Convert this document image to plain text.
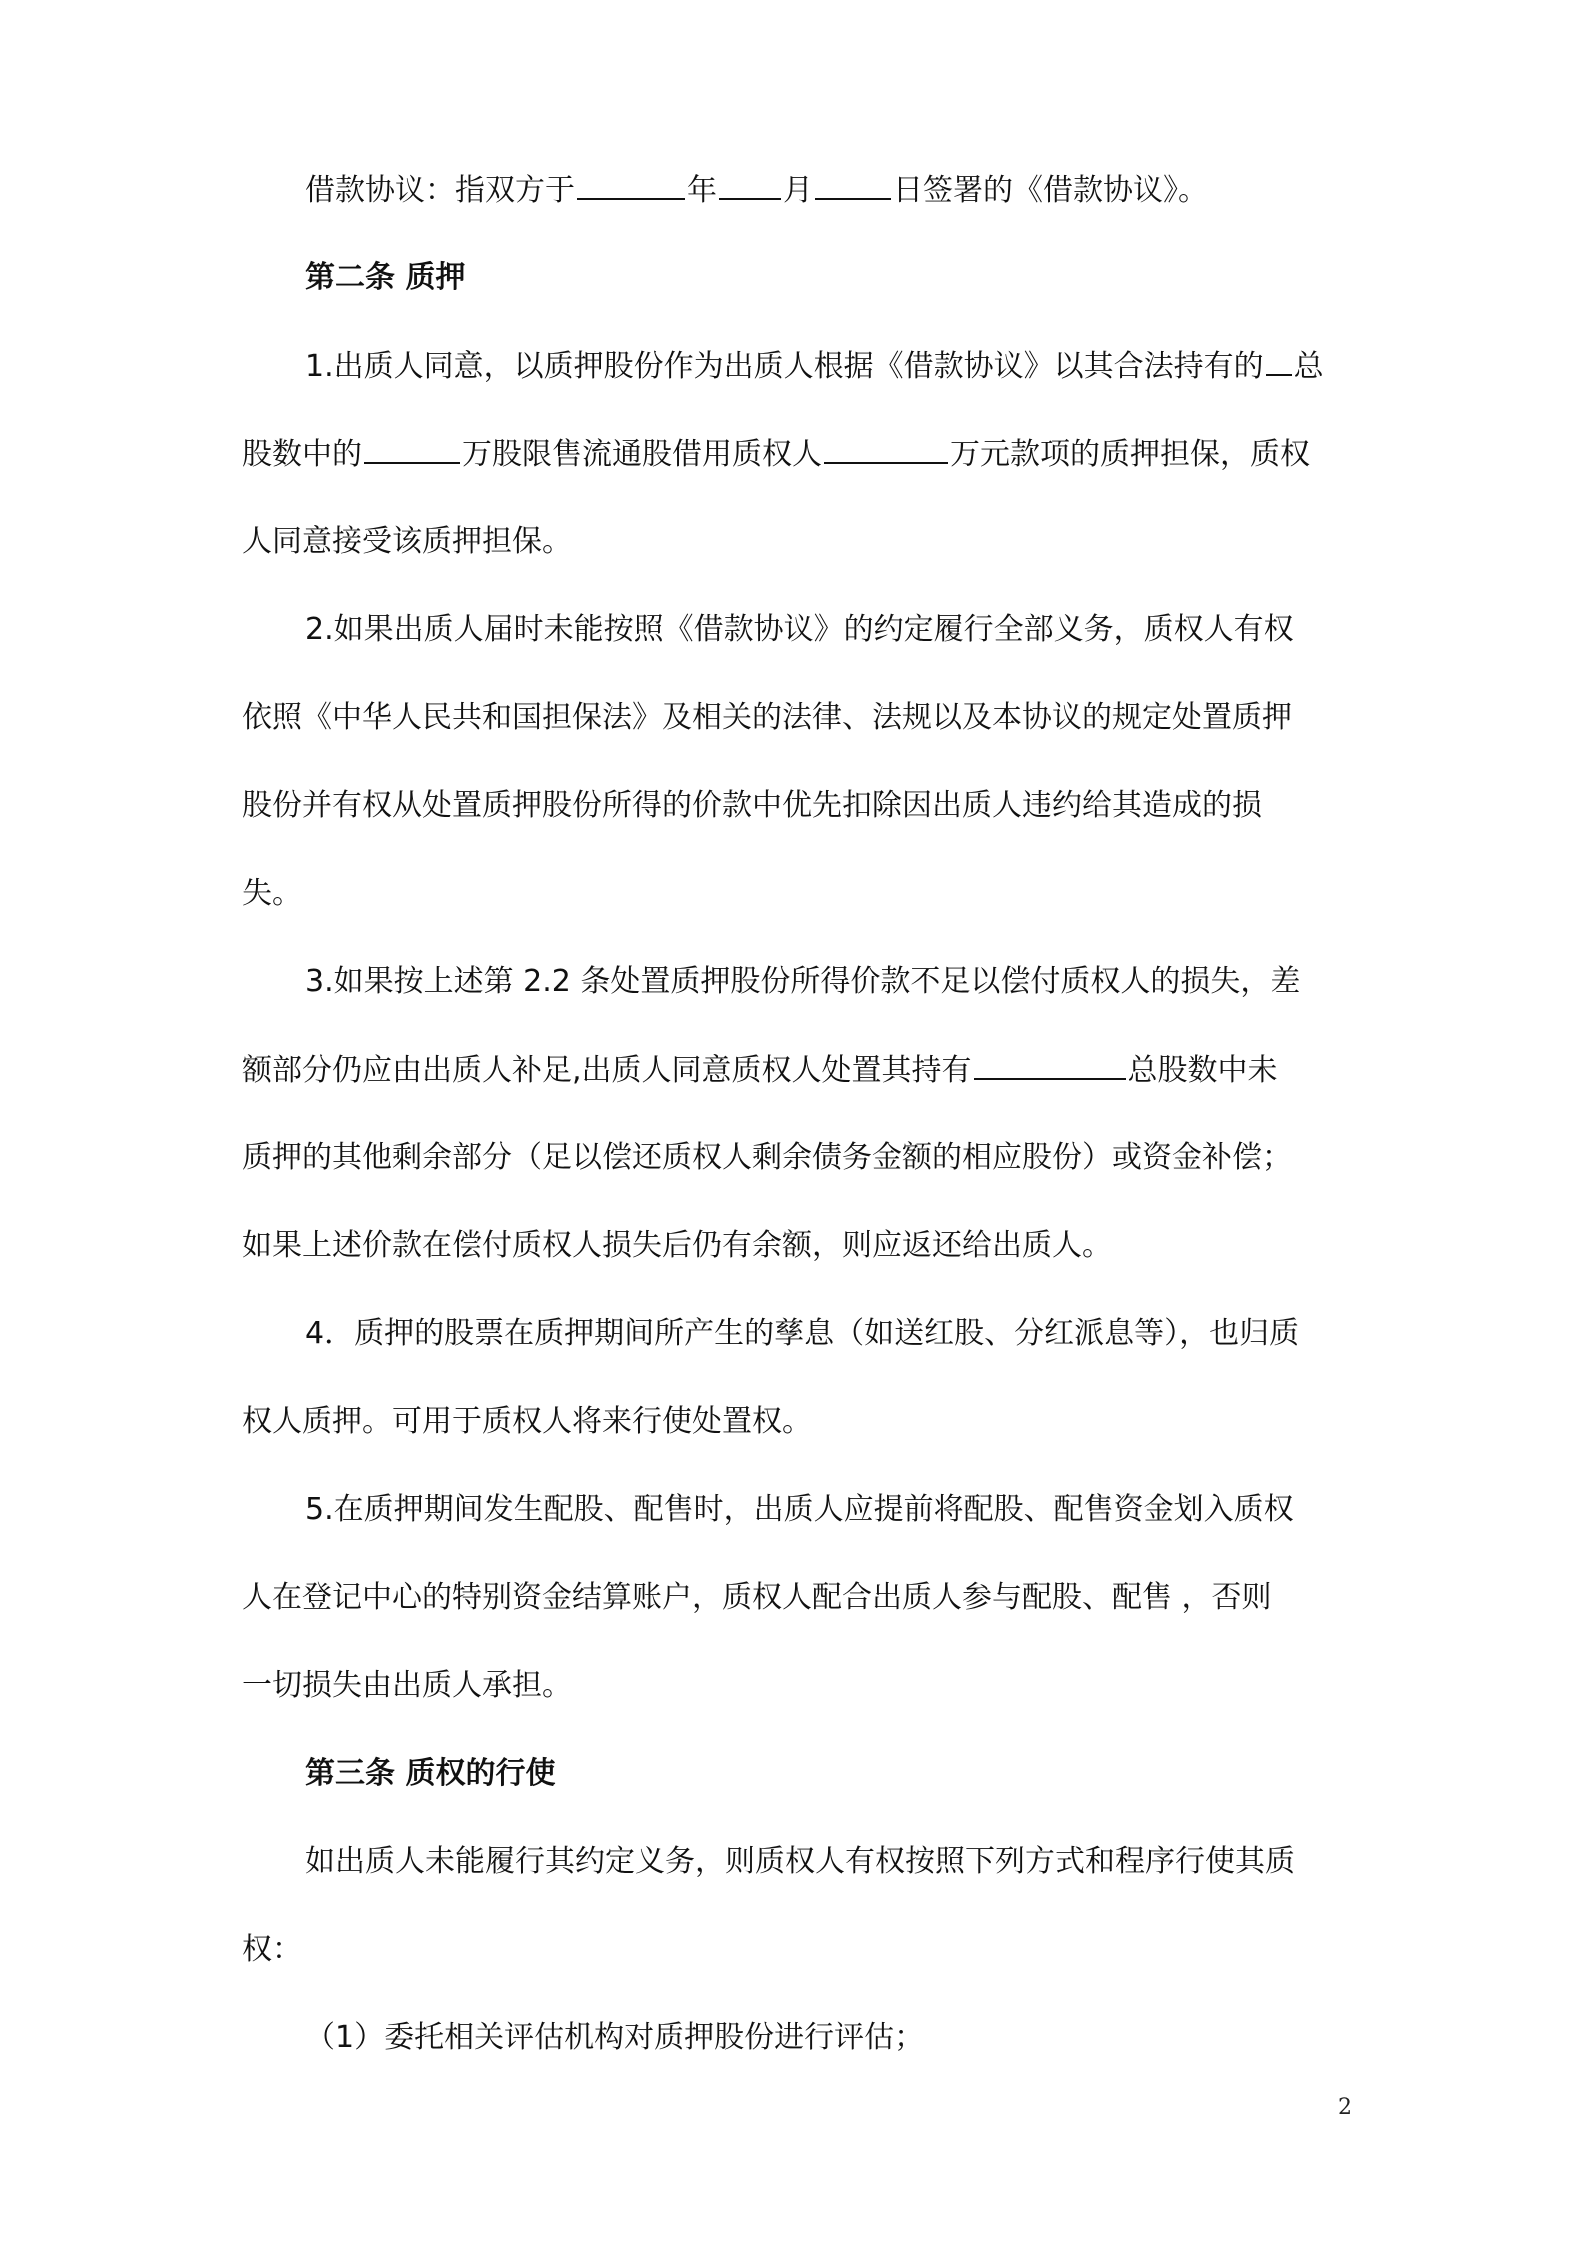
借款协议：指双方于	年 月	日签署的《借款协议》。
第二条 质押
1.出质人同意，以质押股份作为出质人根据《借款协议》以其合法持有的 总
股数中的	万股限售流通股借用质权人	万元款项的质押担保，质权
人同意接受该质押担保。
2.如果出质人届时未能按照《借款协议》的约定履行全部义务，质权人有权
依照《中华人民共和国担保法》及相关的法律、法规以及本协议的规定处置质押
股份并有权从处置质押股份所得的价款中优先扣除因出质人违约给其造成的损
失。
3.如果按上述第 2.2 条处置质押股份所得价款不足以偿付质权人的损失，差
额部分仍应由出质人补足,出质人同意质权人处置其持有	总股数中未
质押的其他剩余部分（足以偿还质权人剩余债务金额的相应股份）或资金补偿；
如果上述价款在偿付质权人损失后仍有余额，则应返还给出质人。
4．质押的股票在质押期间所产生的孳息（如送红股、分红派息等），也归质
权人质押。可用于质权人将来行使处置权。
5.在质押期间发生配股、配售时，出质人应提前将配股、配售资金划入质权
人在登记中心的特别资金结算账户，质权人配合出质人参与配股、配售 ，否则
一切损失由出质人承担。
第三条 质权的行使
如出质人未能履行其约定义务，则质权人有权按照下列方式和程序行使其质
权：
（1）委托相关评估机构对质押股份进行评估；
2
